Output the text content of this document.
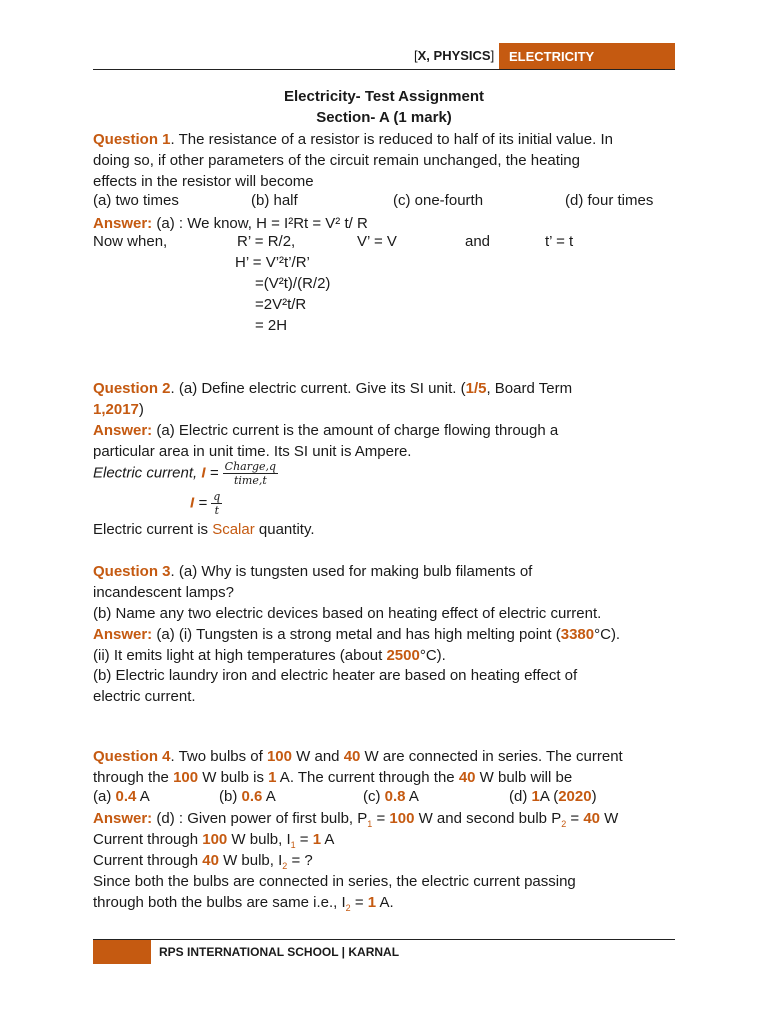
[X, PHYSICS]	ELECTRICITY
Electricity- Test Assignment
Section- A (1 mark)
Question 1. The resistance of a resistor is reduced to half of its initial value. In
doing so, if other parameters of the circuit remain unchanged, the heating
effects in the resistor will become
(a) two times	(b) half	(c) one-fourth	(d) four times
Answer: (a) : We know, H = I²Rt = V² t/ R
Now when,	R’ = R/2,	V’ = V	and	t’ = t
H’ = V’²t’/R’
=(V²t)/(R/2)
=2V²t/R
= 2H
Question 2. (a) Define electric current. Give its SI unit. (1/5, Board Term
1,2017)
Answer: (a) Electric current is the amount of charge flowing through a
particular area in unit time. Its SI unit is Ampere.
Electric current, $I = \frac{\text{Charge,q}}{\text{time,t}}$
$I = \frac{q}{t}$
Electric current is Scalar quantity.
Question 3. (a) Why is tungsten used for making bulb filaments of
incandescent lamps?
(b) Name any two electric devices based on heating effect of electric current.
Answer: (a) (i) Tungsten is a strong metal and has high melting point (3380°C).
(ii) It emits light at high temperatures (about 2500°C).
(b) Electric laundry iron and electric heater are based on heating effect of
electric current.
Question 4. Two bulbs of 100 W and 40 W are connected in series. The current
through the 100 W bulb is 1 A. The current through the 40 W bulb will be
(a) 0.4 A	(b) 0.6 A	(c) 0.8 A	(d) 1A (2020)
Answer: (d) : Given power of first bulb, $P_1 = 100$ W and second bulb $P_2 = 40$ W
Current through 100 W bulb, $I_1 = 1$ A
Current through 40 W bulb, $I_2$ = ?
Since both the bulbs are connected in series, the electric current passing
through both the bulbs are same i.e., $I_2 = 1$ A.
RPS INTERNATIONAL SCHOOL | KARNAL
